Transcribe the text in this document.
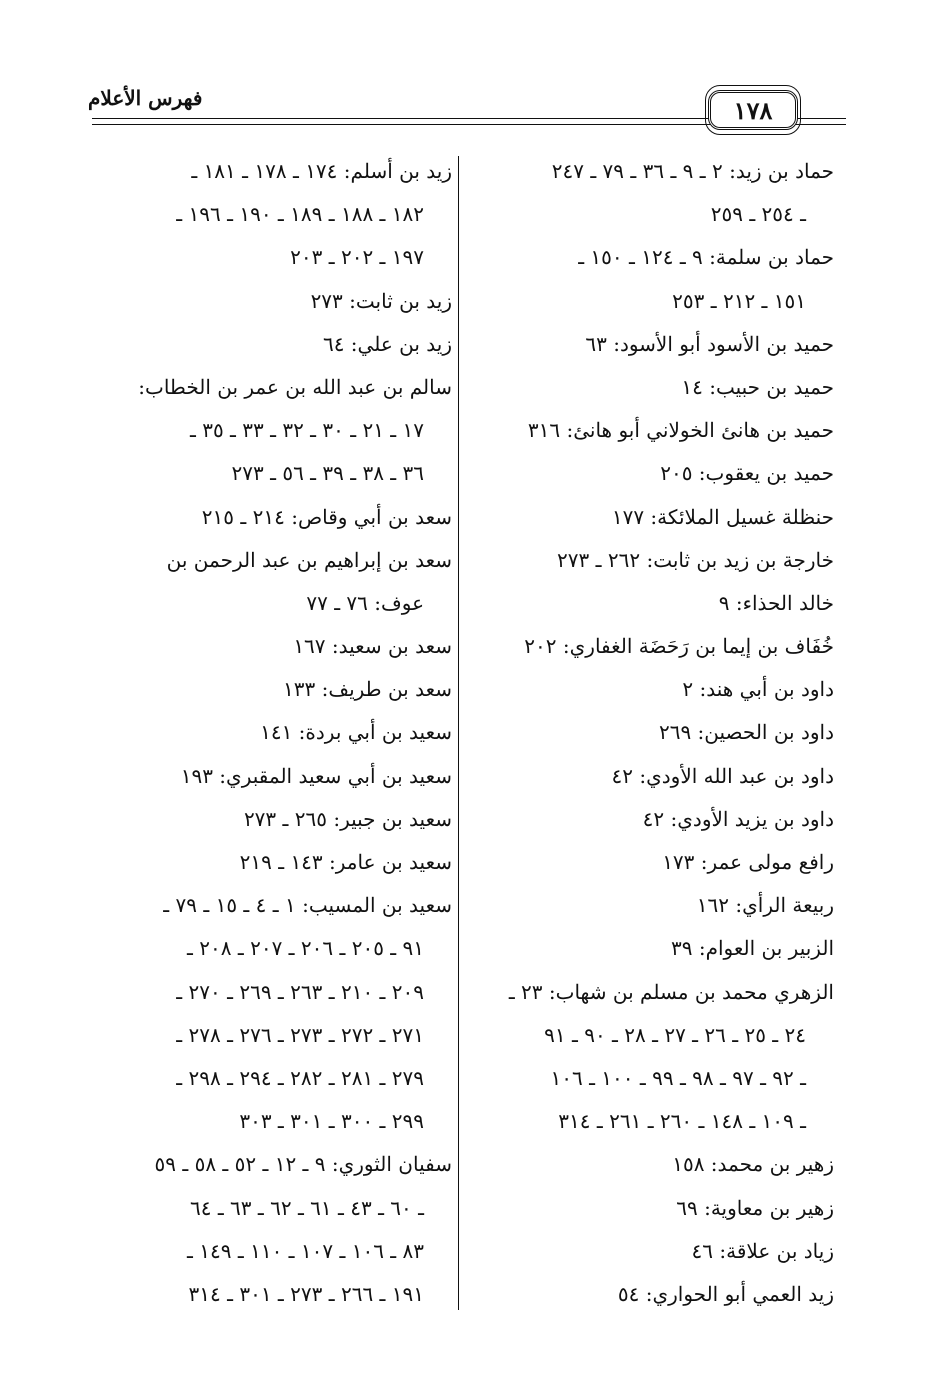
فهرس الأعلام	١٧٨
حماد بن زيد: ٢ ـ ٩ ـ ٣٦ ـ ٧٩ ـ ٢٤٧
ـ ٢٥٤ ـ ٢٥٩
حماد بن سلمة: ٩ ـ ١٢٤ ـ ١٥٠ ـ
١٥١ ـ ٢١٢ ـ ٢٥٣
حميد بن الأسود أبو الأسود: ٦٣
حميد بن حبيب: ١٤
حميد بن هانئ الخولاني أبو هانئ: ٣١٦
حميد بن يعقوب: ٢٠٥
حنظلة غسيل الملائكة: ١٧٧
خارجة بن زيد بن ثابت: ٢٦٢ ـ ٢٧٣
خالد الحذاء: ٩
خُفَاف بن إيما بن رَحَضَة الغفاري: ٢٠٢
داود بن أبي هند: ٢
داود بن الحصين: ٢٦٩
داود بن عبد الله الأودي: ٤٢
داود بن يزيد الأودي: ٤٢
رافع مولى عمر: ١٧٣
ربيعة الرأي: ١٦٢
الزبير بن العوام: ٣٩
الزهري محمد بن مسلم بن شهاب: ٢٣ ـ
٢٤ ـ ٢٥ ـ ٢٦ ـ ٢٧ ـ ٢٨ ـ ٩٠ ـ ٩١
ـ ٩٢ ـ ٩٧ ـ ٩٨ ـ ٩٩ ـ ١٠٠ ـ ١٠٦
ـ ١٠٩ ـ ١٤٨ ـ ٢٦٠ ـ ٢٦١ ـ ٣١٤
زهير بن محمد: ١٥٨
زهير بن معاوية: ٦٩
زياد بن علاقة: ٤٦
زيد العمي أبو الحواري: ٥٤
زيد بن أسلم: ١٧٤ ـ ١٧٨ ـ ١٨١ ـ
١٨٢ ـ ١٨٨ ـ ١٨٩ ـ ١٩٠ ـ ١٩٦ ـ
١٩٧ ـ ٢٠٢ ـ ٢٠٣
زيد بن ثابت: ٢٧٣
زيد بن علي: ٦٤
سالم بن عبد الله بن عمر بن الخطاب:
١٧ ـ ٢١ ـ ٣٠ ـ ٣٢ ـ ٣٣ ـ ٣٥ ـ
٣٦ ـ ٣٨ ـ ٣٩ ـ ٥٦ ـ ٢٧٣
سعد بن أبي وقاص: ٢١٤ ـ ٢١٥
سعد بن إبراهيم بن عبد الرحمن بن
عوف: ٧٦ ـ ٧٧
سعد بن سعيد: ١٦٧
سعد بن طريف: ١٣٣
سعيد بن أبي بردة: ١٤١
سعيد بن أبي سعيد المقبري: ١٩٣
سعيد بن جبير: ٢٦٥ ـ ٢٧٣
سعيد بن عامر: ١٤٣ ـ ٢١٩
سعيد بن المسيب: ١ ـ ٤ ـ ١٥ ـ ٧٩ ـ
٩١ ـ ٢٠٥ ـ ٢٠٦ ـ ٢٠٧ ـ ٢٠٨ ـ
٢٠٩ ـ ٢١٠ ـ ٢٦٣ ـ ٢٦٩ ـ ٢٧٠ ـ
٢٧١ ـ ٢٧٢ ـ ٢٧٣ ـ ٢٧٦ ـ ٢٧٨ ـ
٢٧٩ ـ ٢٨١ ـ ٢٨٢ ـ ٢٩٤ ـ ٢٩٨ ـ
٢٩٩ ـ ٣٠٠ ـ ٣٠١ ـ ٣٠٣
سفيان الثوري: ٩ ـ ١٢ ـ ٥٢ ـ ٥٨ ـ ٥٩
ـ ٦٠ ـ ٤٣ ـ ٦١ ـ ٦٢ ـ ٦٣ ـ ٦٤
٨٣ ـ ١٠٦ ـ ١٠٧ ـ ١١٠ ـ ١٤٩ ـ
١٩١ ـ ٢٦٦ ـ ٢٧٣ ـ ٣٠١ ـ ٣١٤
